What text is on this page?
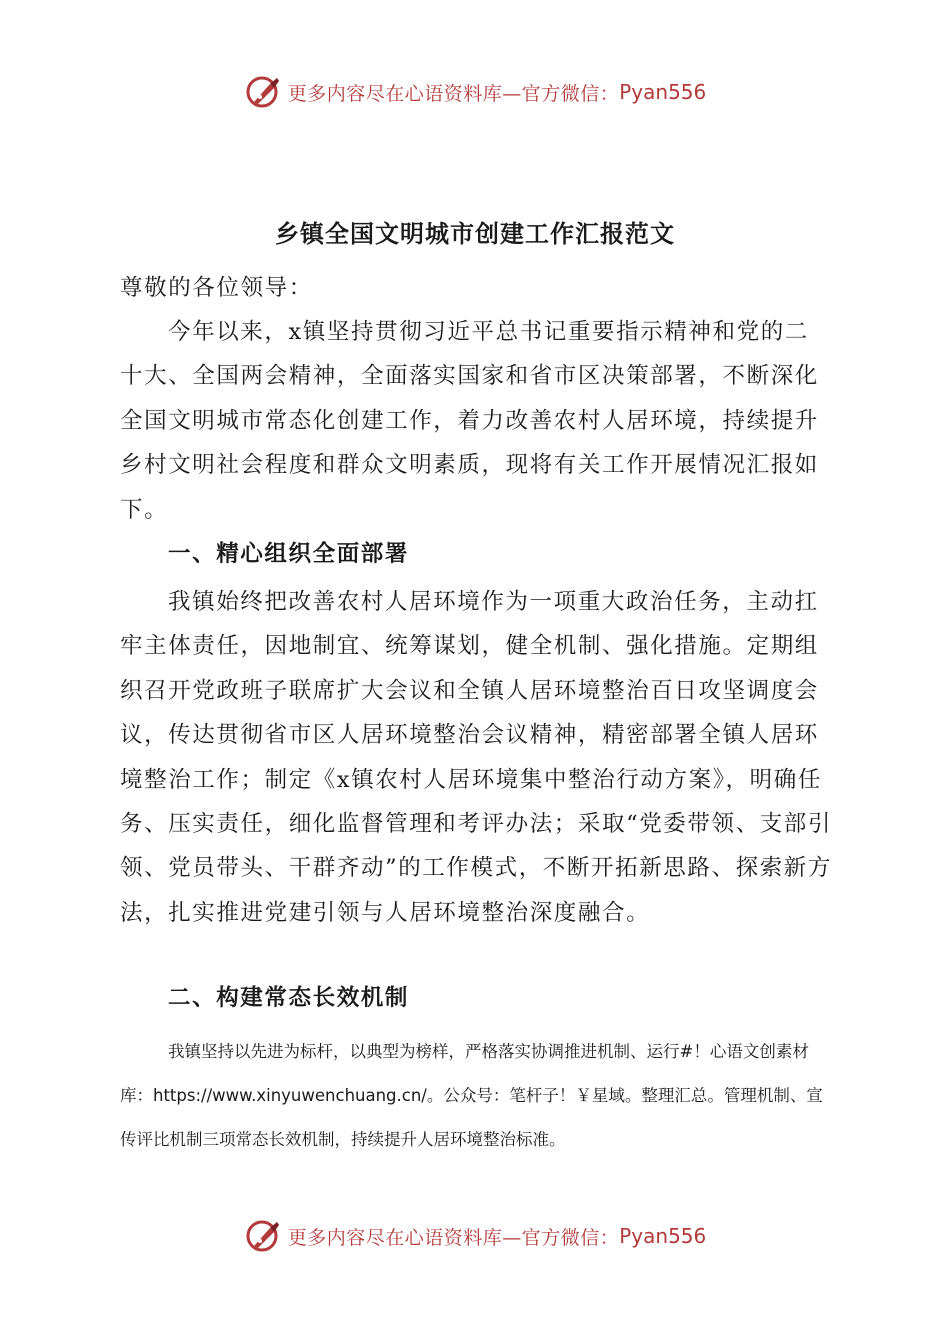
更多内容尽在心语资料库—官方微信： Pyan556
乡镇全国文明城市创建工作汇报范文

尊敬的各位领导：

今年以来，x镇坚持贯彻习近平总书记重要指示精神和党的二十大、全国两会精神，全面落实国家和省市区决策部署，不断深化全国文明城市常态化创建工作，着力改善农村人居环境，持续提升乡村文明社会程度和群众文明素质，现将有关工作开展情况汇报如下。

一、精心组织全面部署

我镇始终把改善农村人居环境作为一项重大政治任务，主动扛牢主体责任，因地制宜、统筹谋划，健全机制、强化措施。定期组织召开党政班子联席扩大会议和全镇人居环境整治百日攻坚调度会议，传达贯彻省市区人居环境整治会议精神，精密部署全镇人居环境整治工作；制定《x镇农村人居环境集中整治行动方案》，明确任务、压实责任，细化监督管理和考评办法；采取“党委带领、支部引领、党员带头、干群齐动”的工作模式，不断开拓新思路、探索新方法，扎实推进党建引领与人居环境整治深度融合。

二、构建常态长效机制

我镇坚持以先进为标杆，以典型为榜样，严格落实协调推进机制、运行#！心语文创素材库：https://www.xinyuwenchuang.cn/。公众号：笔杆子！￥星域。整理汇总。管理机制、宣传评比机制三项常态长效机制，持续提升人居环境整治标准。

更多内容尽在心语资料库—官方微信： Pyan556
